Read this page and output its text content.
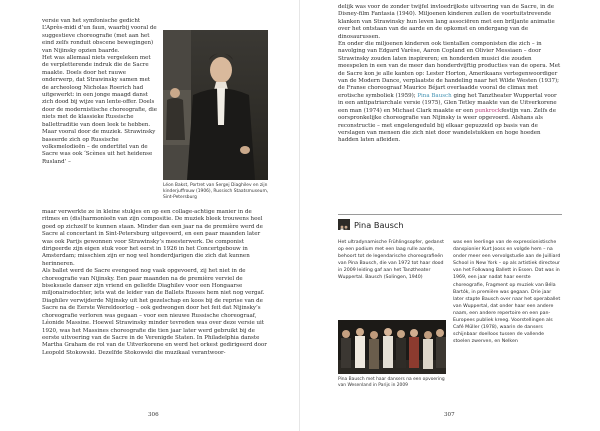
versie van het symfonische gedicht L’Après-midi d’un faun, waarbij vooral de suggestieve choreografie (met aan het eind zelfs ronduit obscene bewegingen) van Nijinsky opzien baarde.
Het was allemaal niets vergeleken met de verpletterende indruk die de Sacre maakte. Doels door het rauwe onderwerp, dat Strawinsky samen met de archeoloog Nicholas Roerich had uitgewerkt: in een jonge maagd danst zich dood bij wijze van lente-offer. Doels door de modernistische choreografie, die niets met de klassieke Russische ballettraditie van doen leek te hebben. Maar vooral door de muziek. Strawinsky baseerde zich op Russische volksmelodieën – de ondertitel van de Sacre was ook ‘Scènes uit het heidense Rusland’ –
Léon Bakst, Portret van Sergej Diaghilev en zijn kinderjuffrouw (1906), Russisch Staatsmuseum, Sint-Petersburg
maar verwerkte ze in kleine stukjes en op een collage-achtige manier in de ritmes en (dis)harmonieën van zijn compositie. De muziek bleek trouwens heel goed op zichzelf te kunnen staan. Minder dan een jaar na de première werd de Sacre al concertant in Sint-Petersburg uitgevoerd, en een paar maanden later was ook Parijs gewonnen voor Strawinsky’s meesterwerk. De componist dirigeerde zijn eigen stuk voor het eerst in 1926 in het Concertgebouw in Amsterdam; misschien zijn er nog wel honderdjarigen die zich dat kunnen herinneren.
Als ballet werd de Sacre evengoed nog vaak opgevoerd, zij het niet in de choreografie van Nijinsky. Een paar maanden na de première verviel de biseksuele danser zijn vriend en geliefde Diaghilev voor een Hongaarse miljonairsdochter, iets wat de leider van de Ballets Russes hem niet nog vergaf. Diaghilev verwijderde Nijinsky uit het gezelschap en koos bij de reprise van de Sacre na de Eerste Wereldoorlog – ook gedwongen door het feit dat Nijinsky’s choreografie verloren was gegaan – voor een nieuwe Russische choreograaf, Léonide Massine. Hoewel Strawinsky minder tevreden was over deze versie uit 1920, was het Massines choreografie die tien jaar later werd gebruikt bij de eerste uitvoering van de Sacre in de Verenigde Staten. In Philadelphia danste Martha Graham de rol van de Uitverkorene en werd het orkest gedirigeerd door Leopold Stokowski. Dezelfde Stokowski die muzikaal verantwoor-
306
delijk was voor de zonder twijfel invloedrijkste uitvoering van de Sacre, in de Disney-film Fantasia (1940). Miljoenen kinderen zullen de voortuitstrevende klanken van Strawinsky hun leven lang associëren met een briljante animatie over het ontstaan van de aarde en de opkomst en ondergang van de dinosaurussen.
En onder die miljoenen kinderen ook tientallen componisten die zich – in navolging van Edgard Varèse, Aaron Copland en Olivier Messiaen – door Strawinsky zouden laten inspireren; en honderden musici die zouden meespelen in een van de meer dan honderdvijftig producties van de opera. Met de Sacre kon je alle kanten op: Lester Horton, Amerikaans vertegenwoordiger van de Modern Dance, verplaatste de handeling naar het Wilde Westen (1937); de Franse choreograaf Maurice Béjart overlaadde vooral de climax met erotische symboliek (1959); Pina Bausch ging het Tanztheater Wuppertal voor in een antipatriarchale versie (1975), Glen Tetley maakte van de Uitverkorene een man (1974) en Michael Clark maakte er een punkrockfestijn van. Zelfs de oorspronkelijke choreografie van Nijinsky is weer opgevoerd. Alshans als reconstructie – met engelengeduld bij elkaar gepuzzeld op basis van de verslagen van mensen die zich niet door wandelstukken en hoge hoeden hadden laten afleiden.
Pina Bausch
Het ultradynamische Frühlingsopfer, gedanst op een podium met een laag rulle aarde, behoort tot de legendarische choreografieën van Pina Bausch, die van 1972 tot haar dood in 2009 leiding gaf aan het Tanztheater Wuppertal. Bausch (Solingen, 1940)
Pina Bausch met haar dansers na een opvoering van Wesenland in Parijs in 2009
was een leerlinge van de expressionistische danspionier Kurt Jooss en volgde hem – na onder meer een vervolgstudie aan de Juilliard School in New York – op als artistiek directeur van het Folkwang Ballett in Essen. Dat was in 1969, een jaar nadat haar eerste choreografie, Fragment op muziek van Béla Bartók, in première was gegaan. Drie jaar later stapte Bausch over naar het operaballet van Wuppertal, dat onder haar een andere naam, een andere repertoire en een pan-Europees publiek kreeg. Voorstellingen als Café Müller (1978), waarin de dansers schijnbaar doelloos tussen de vallende stoelen zwerven, en Nelken
307
